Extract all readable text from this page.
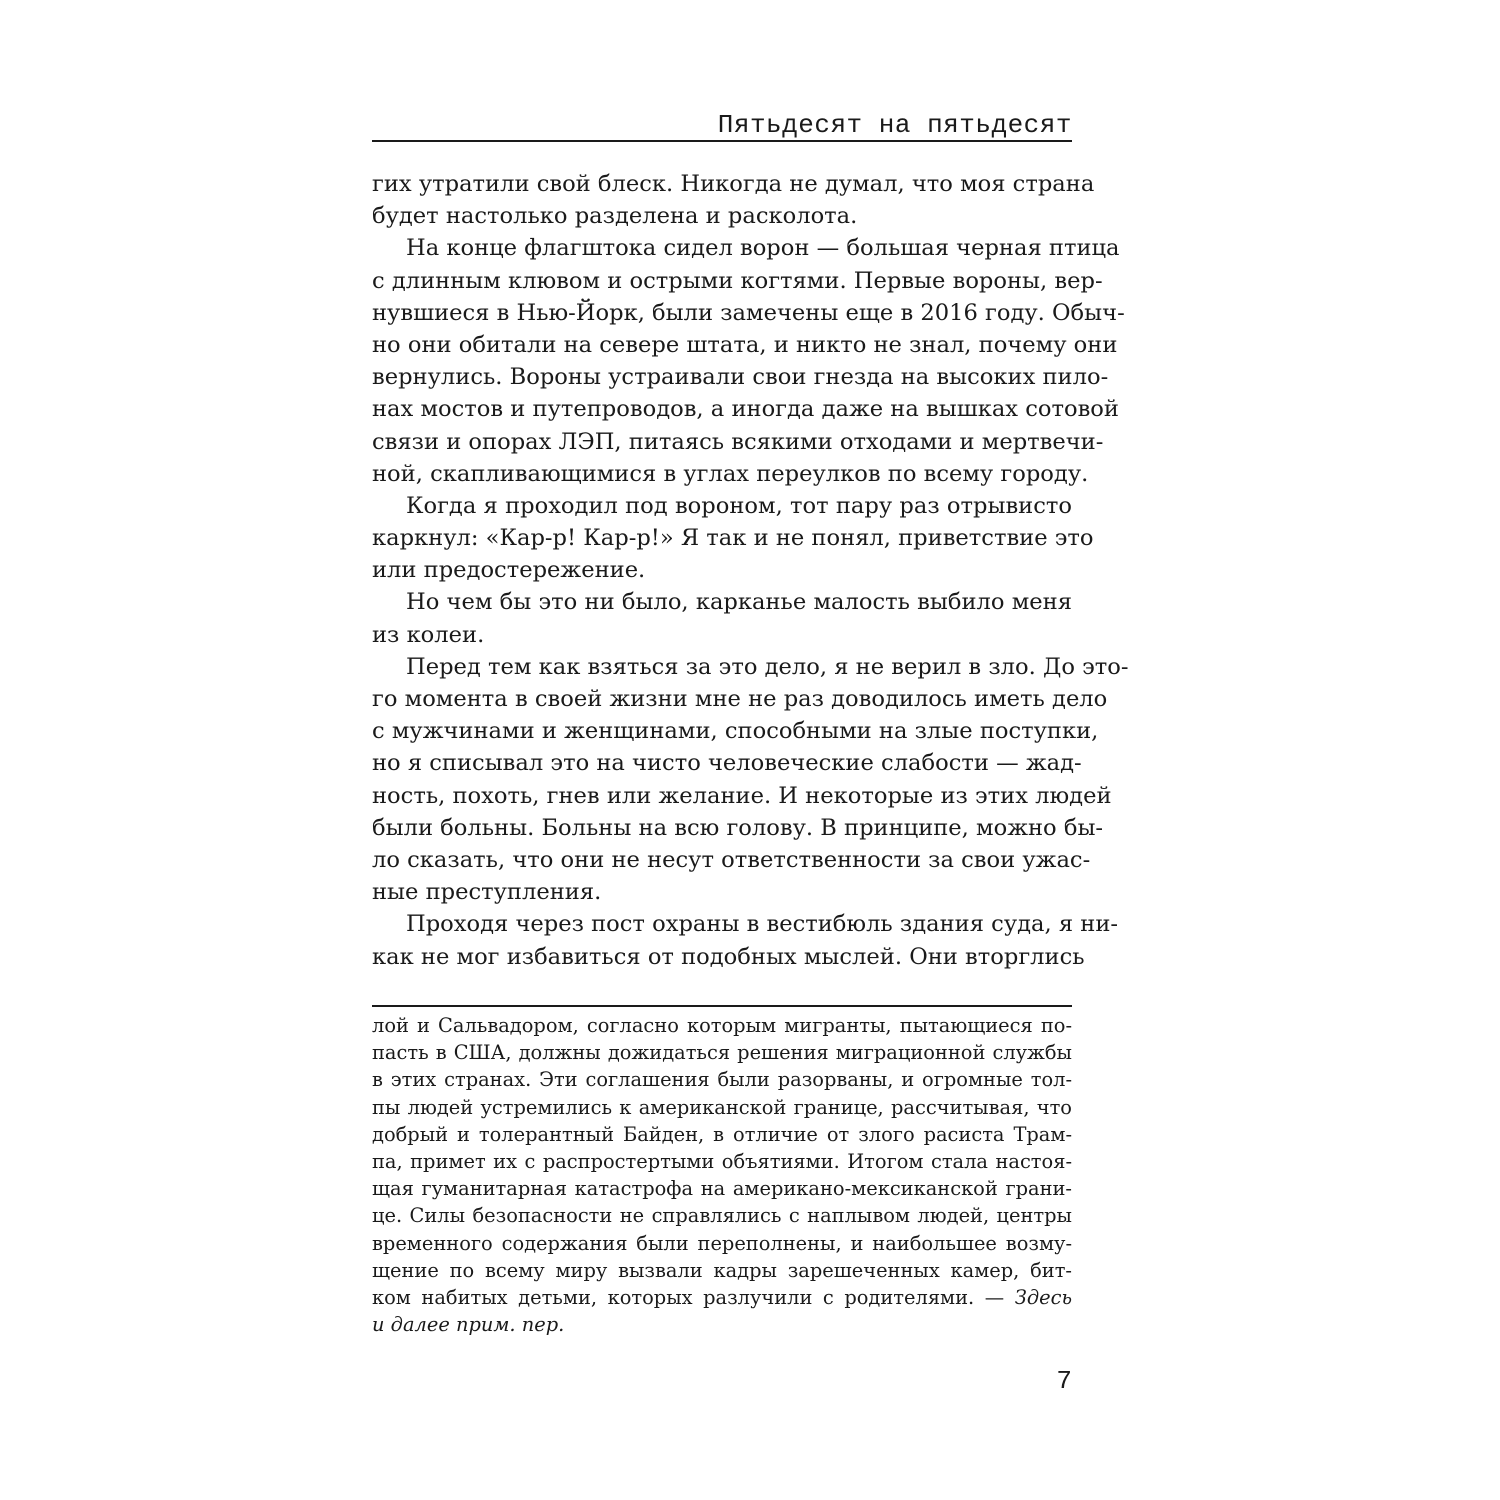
Пятьдесят на пятьдесят
гих утратили свой блеск. Никогда не думал, что моя страна
будет настолько разделена и расколота.
На конце флагштока сидел ворон — большая черная птица
с длинным клювом и острыми когтями. Первые вороны, вер-
нувшиеся в Нью-Йорк, были замечены еще в 2016 году. Обыч-
но они обитали на севере штата, и никто не знал, почему они
вернулись. Вороны устраивали свои гнезда на высоких пило-
нах мостов и путепроводов, а иногда даже на вышках сотовой
связи и опорах ЛЭП, питаясь всякими отходами и мертвечи-
ной, скапливающимися в углах переулков по всему городу.
Когда я проходил под вороном, тот пару раз отрывисто
каркнул: «Кар-р! Кар-р!» Я так и не понял, приветствие это
или предостережение.
Но чем бы это ни было, карканье малость выбило меня
из колеи.
Перед тем как взяться за это дело, я не верил в зло. До это-
го момента в своей жизни мне не раз доводилось иметь дело
с мужчинами и женщинами, способными на злые поступки,
но я списывал это на чисто человеческие слабости — жад-
ность, похоть, гнев или желание. И некоторые из этих людей
были больны. Больны на всю голову. В принципе, можно бы-
ло сказать, что они не несут ответственности за свои ужас-
ные преступления.
Проходя через пост охраны в вестибюль здания суда, я ни-
как не мог избавиться от подобных мыслей. Они вторглись
лой и Сальвадором, согласно которым мигранты, пытающиеся по-
пасть в США, должны дожидаться решения миграционной службы
в этих странах. Эти соглашения были разорваны, и огромные тол-
пы людей устремились к американской границе, рассчитывая, что
добрый и толерантный Байден, в отличие от злого расиста Трам-
па, примет их с распростертыми объятиями. Итогом стала настоя-
щая гуманитарная катастрофа на американо-мексиканской грани-
це. Силы безопасности не справлялись с наплывом людей, центры
временного содержания были переполнены, и наибольшее возму-
щение по всему миру вызвали кадры зарешеченных камер, бит-
ком набитых детьми, которых разлучили с родителями. — Здесь
и далее прим. пер.
7
